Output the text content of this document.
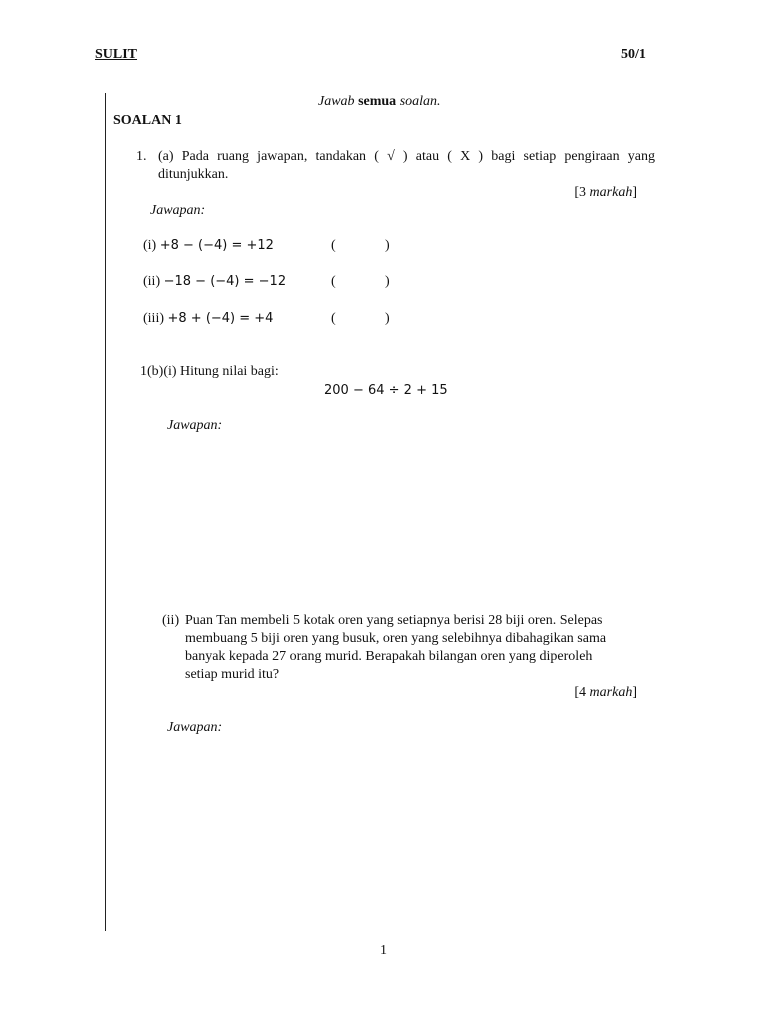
SULIT	50/1
Jawab semua soalan.
SOALAN 1
1. (a) Pada ruang jawapan, tandakan ( √ ) atau ( X ) bagi setiap pengiraan yang
ditunjukkan.
[3 markah]
Jawapan:
(i) +8 − (−4) = +12	(	)
(ii) −18 − (−4) = −12	(	)
(iii) +8 + (−4) = +4	(	)
1(b)(i) Hitung nilai bagi:
200 − 64 ÷ 2 + 15
Jawapan:
(ii) Puan Tan membeli 5 kotak oren yang setiapnya berisi 28 biji oren. Selepas
membuang 5 biji oren yang busuk, oren yang selebihnya dibahagikan sama
banyak kepada 27 orang murid. Berapakah bilangan oren yang diperoleh
setiap murid itu?
[4 markah]
Jawapan:
1
